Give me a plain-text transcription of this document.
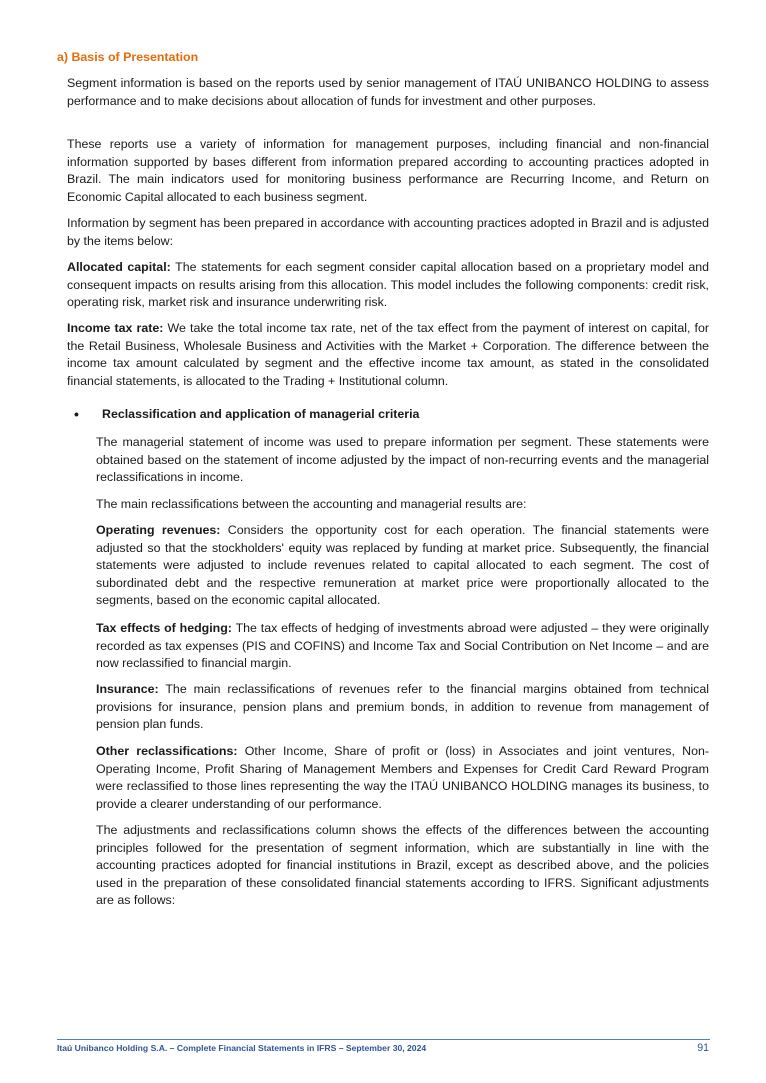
a) Basis of Presentation

Segment information is based on the reports used by senior management of ITAÚ UNIBANCO HOLDING to assess performance and to make decisions about allocation of funds for investment and other purposes.

These reports use a variety of information for management purposes, including financial and non-financial information supported by bases different from information prepared according to accounting practices adopted in Brazil. The main indicators used for monitoring business performance are Recurring Income, and Return on Economic Capital allocated to each business segment.

Information by segment has been prepared in accordance with accounting practices adopted in Brazil and is adjusted by the items below:

Allocated capital: The statements for each segment consider capital allocation based on a proprietary model and consequent impacts on results arising from this allocation. This model includes the following components: credit risk, operating risk, market risk and insurance underwriting risk.

Income tax rate: We take the total income tax rate, net of the tax effect from the payment of interest on capital, for the Retail Business, Wholesale Business and Activities with the Market + Corporation. The difference between the income tax amount calculated by segment and the effective income tax amount, as stated in the consolidated financial statements, is allocated to the Trading + Institutional column.

• Reclassification and application of managerial criteria

The managerial statement of income was used to prepare information per segment. These statements were obtained based on the statement of income adjusted by the impact of non-recurring events and the managerial reclassifications in income.

The main reclassifications between the accounting and managerial results are:

Operating revenues: Considers the opportunity cost for each operation. The financial statements were adjusted so that the stockholders' equity was replaced by funding at market price. Subsequently, the financial statements were adjusted to include revenues related to capital allocated to each segment. The cost of subordinated debt and the respective remuneration at market price were proportionally allocated to the segments, based on the economic capital allocated.

Tax effects of hedging: The tax effects of hedging of investments abroad were adjusted – they were originally recorded as tax expenses (PIS and COFINS) and Income Tax and Social Contribution on Net Income – and are now reclassified to financial margin.

Insurance: The main reclassifications of revenues refer to the financial margins obtained from technical provisions for insurance, pension plans and premium bonds, in addition to revenue from management of pension plan funds.

Other reclassifications: Other Income, Share of profit or (loss) in Associates and joint ventures, Non-Operating Income, Profit Sharing of Management Members and Expenses for Credit Card Reward Program were reclassified to those lines representing the way the ITAÚ UNIBANCO HOLDING manages its business, to provide a clearer understanding of our performance.

The adjustments and reclassifications column shows the effects of the differences between the accounting principles followed for the presentation of segment information, which are substantially in line with the accounting practices adopted for financial institutions in Brazil, except as described above, and the policies used in the preparation of these consolidated financial statements according to IFRS. Significant adjustments are as follows:

Itaú Unibanco Holding S.A. – Complete Financial Statements in IFRS – September 30, 2024	91
